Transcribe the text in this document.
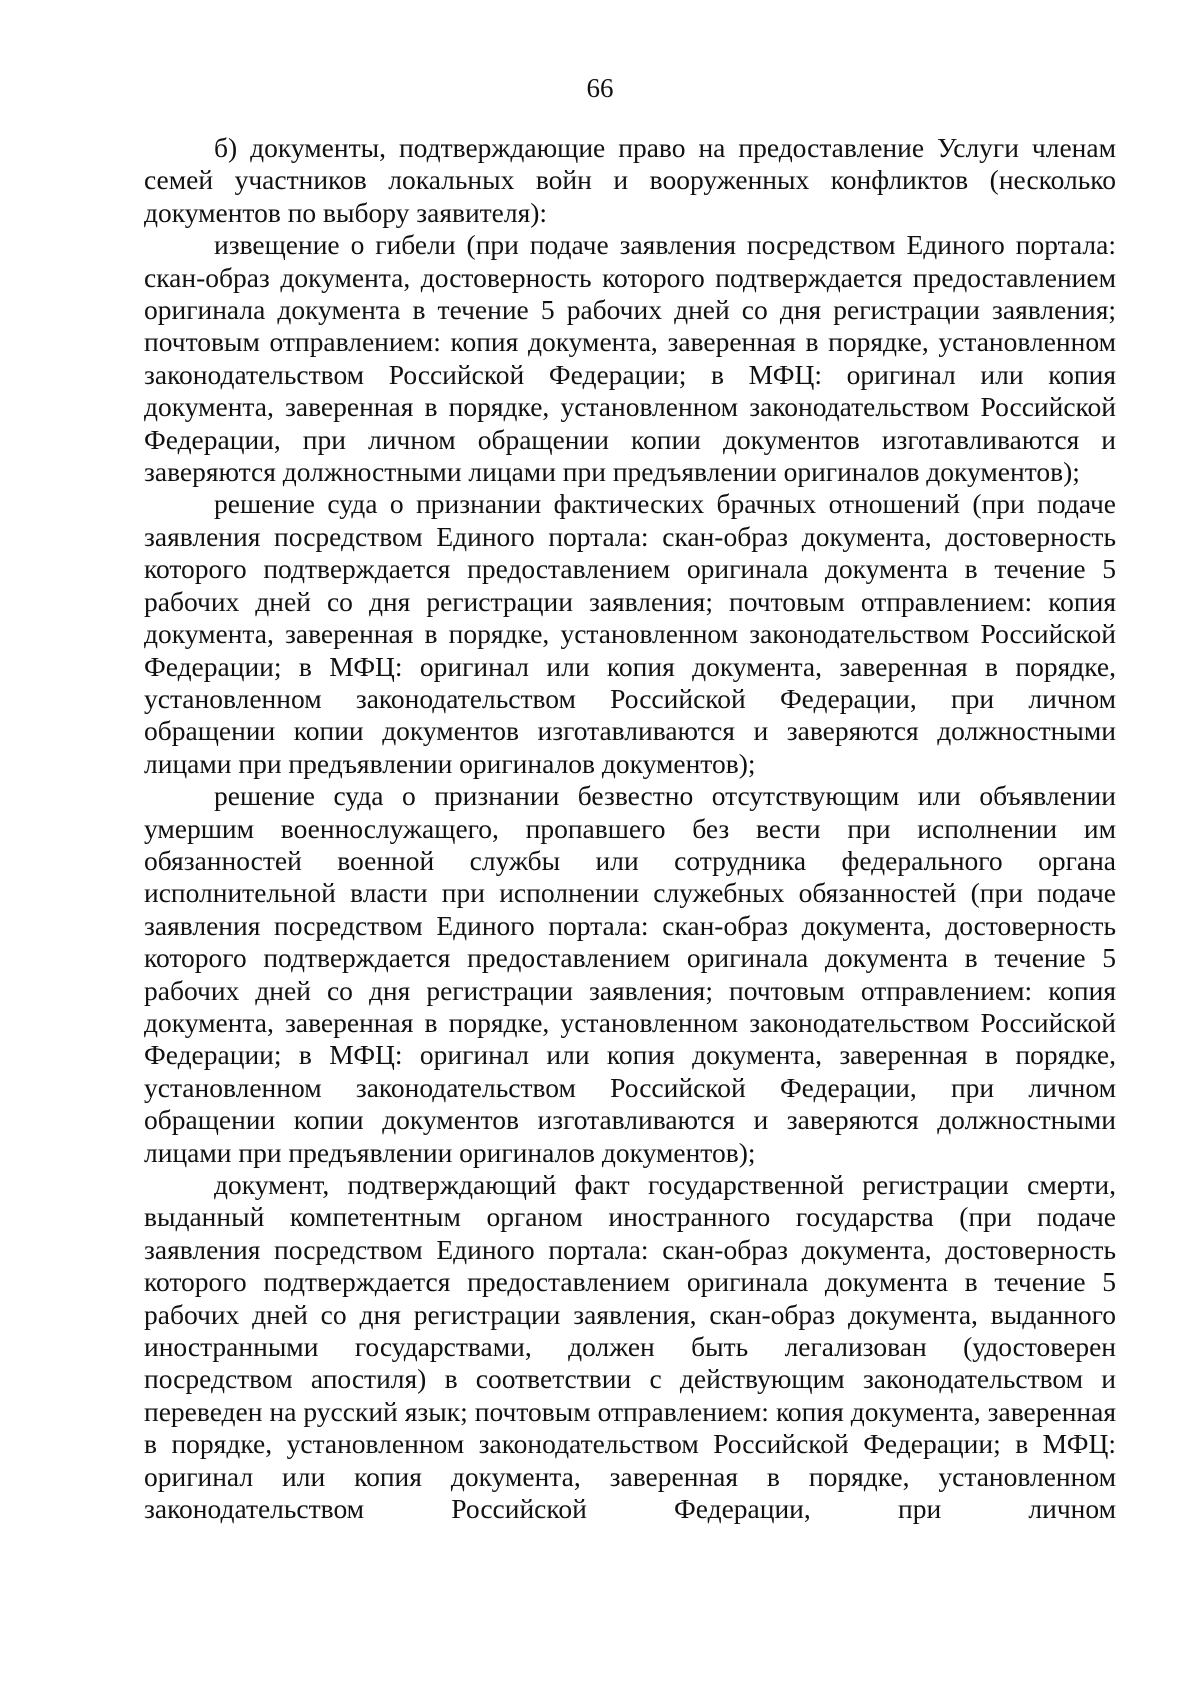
66

б) документы, подтверждающие право на предоставление Услуги членам семей участников локальных войн и вооруженных конфликтов (несколько документов по выбору заявителя):

извещение о гибели (при подаче заявления посредством Единого портала: скан-образ документа, достоверность которого подтверждается предоставлением оригинала документа в течение 5 рабочих дней со дня регистрации заявления; почтовым отправлением: копия документа, заверенная в порядке, установленном законодательством Российской Федерации; в МФЦ: оригинал или копия документа, заверенная в порядке, установленном законодательством Российской Федерации, при личном обращении копии документов изготавливаются и заверяются должностными лицами при предъявлении оригиналов документов);

решение суда о признании фактических брачных отношений (при подаче заявления посредством Единого портала: скан-образ документа, достоверность которого подтверждается предоставлением оригинала документа в течение 5 рабочих дней со дня регистрации заявления; почтовым отправлением: копия документа, заверенная в порядке, установленном законодательством Российской Федерации; в МФЦ: оригинал или копия документа, заверенная в порядке, установленном законодательством Российской Федерации, при личном обращении копии документов изготавливаются и заверяются должностными лицами при предъявлении оригиналов документов);

решение суда о признании безвестно отсутствующим или объявлении умершим военнослужащего, пропавшего без вести при исполнении им обязанностей военной службы или сотрудника федерального органа исполнительной власти при исполнении служебных обязанностей (при подаче заявления посредством Единого портала: скан-образ документа, достоверность которого подтверждается предоставлением оригинала документа в течение 5 рабочих дней со дня регистрации заявления; почтовым отправлением: копия документа, заверенная в порядке, установленном законодательством Российской Федерации; в МФЦ: оригинал или копия документа, заверенная в порядке, установленном законодательством Российской Федерации, при личном обращении копии документов изготавливаются и заверяются должностными лицами при предъявлении оригиналов документов);

документ, подтверждающий факт государственной регистрации смерти, выданный компетентным органом иностранного государства (при подаче заявления посредством Единого портала: скан-образ документа, достоверность которого подтверждается предоставлением оригинала документа в течение 5 рабочих дней со дня регистрации заявления, скан-образ документа, выданного иностранными государствами, должен быть легализован (удостоверен посредством апостиля) в соответствии с действующим законодательством и переведен на русский язык; почтовым отправлением: копия документа, заверенная в порядке, установленном законодательством Российской Федерации; в МФЦ: оригинал или копия документа, заверенная в порядке, установленном законодательством Российской Федерации, при личном
